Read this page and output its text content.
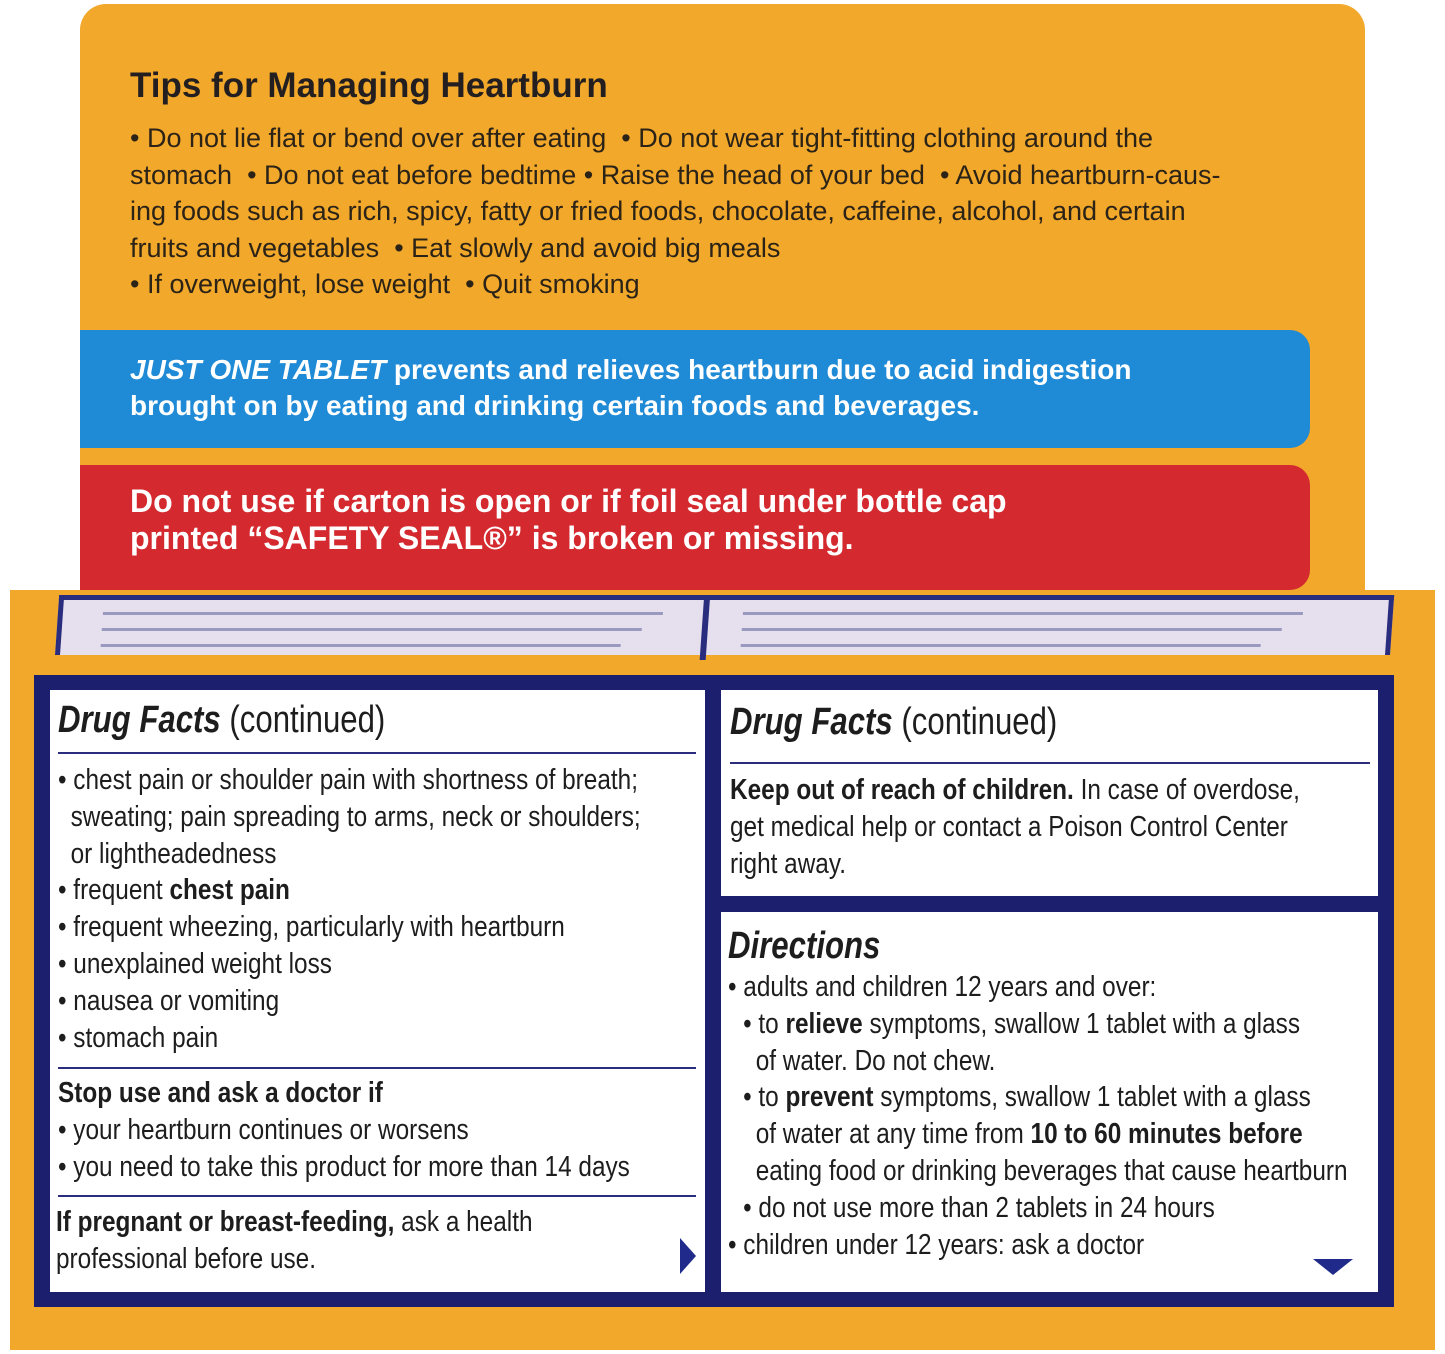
Tips for Managing Heartburn
• Do not lie flat or bend over after eating • Do not wear tight-fitting clothing around the
stomach • Do not eat before bedtime • Raise the head of your bed • Avoid heartburn-caus-
ing foods such as rich, spicy, fatty or fried foods, chocolate, caffeine, alcohol, and certain
fruits and vegetables • Eat slowly and avoid big meals
• If overweight, lose weight • Quit smoking
JUST ONE TABLET prevents and relieves heartburn due to acid indigestion
brought on by eating and drinking certain foods and beverages.
Do not use if carton is open or if foil seal under bottle cap
printed “SAFETY SEAL®” is broken or missing.
Drug Facts (continued)
• chest pain or shoulder pain with shortness of breath;
sweating; pain spreading to arms, neck or shoulders;
or lightheadedness
• frequent chest pain
• frequent wheezing, particularly with heartburn
• unexplained weight loss
• nausea or vomiting
• stomach pain
Stop use and ask a doctor if
• your heartburn continues or worsens
• you need to take this product for more than 14 days
If pregnant or breast-feeding, ask a health
professional before use.
Drug Facts (continued)
Keep out of reach of children. In case of overdose,
get medical help or contact a Poison Control Center
right away.
Directions
• adults and children 12 years and over:
• to relieve symptoms, swallow 1 tablet with a glass
of water. Do not chew.
• to prevent symptoms, swallow 1 tablet with a glass
of water at any time from 10 to 60 minutes before
eating food or drinking beverages that cause heartburn
• do not use more than 2 tablets in 24 hours
• children under 12 years: ask a doctor
